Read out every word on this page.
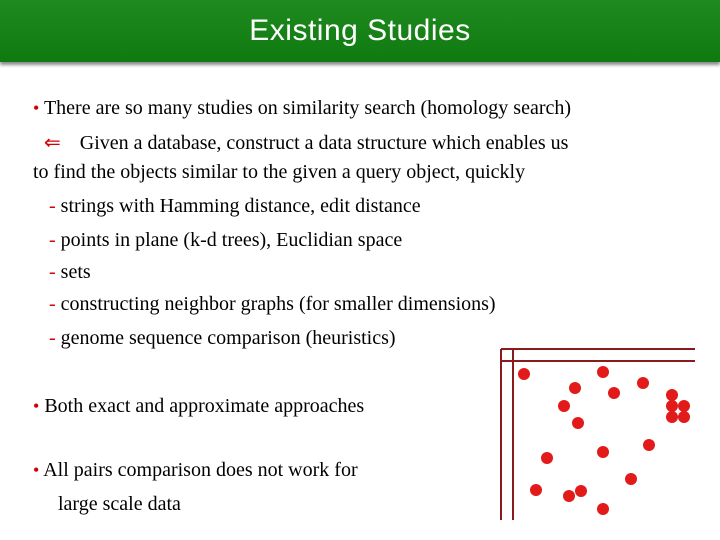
Existing Studies
• There are so many studies on similarity search (homology search)
⇐ Given a database, construct a data structure which enables us
to find the objects similar to the given a query object, quickly
- strings with Hamming distance, edit distance
- points in plane (k-d trees), Euclidian space
- sets
- constructing neighbor graphs (for smaller dimensions)
- genome sequence comparison (heuristics)
• Both exact and approximate approaches
• All pairs comparison does not work for
large scale data
